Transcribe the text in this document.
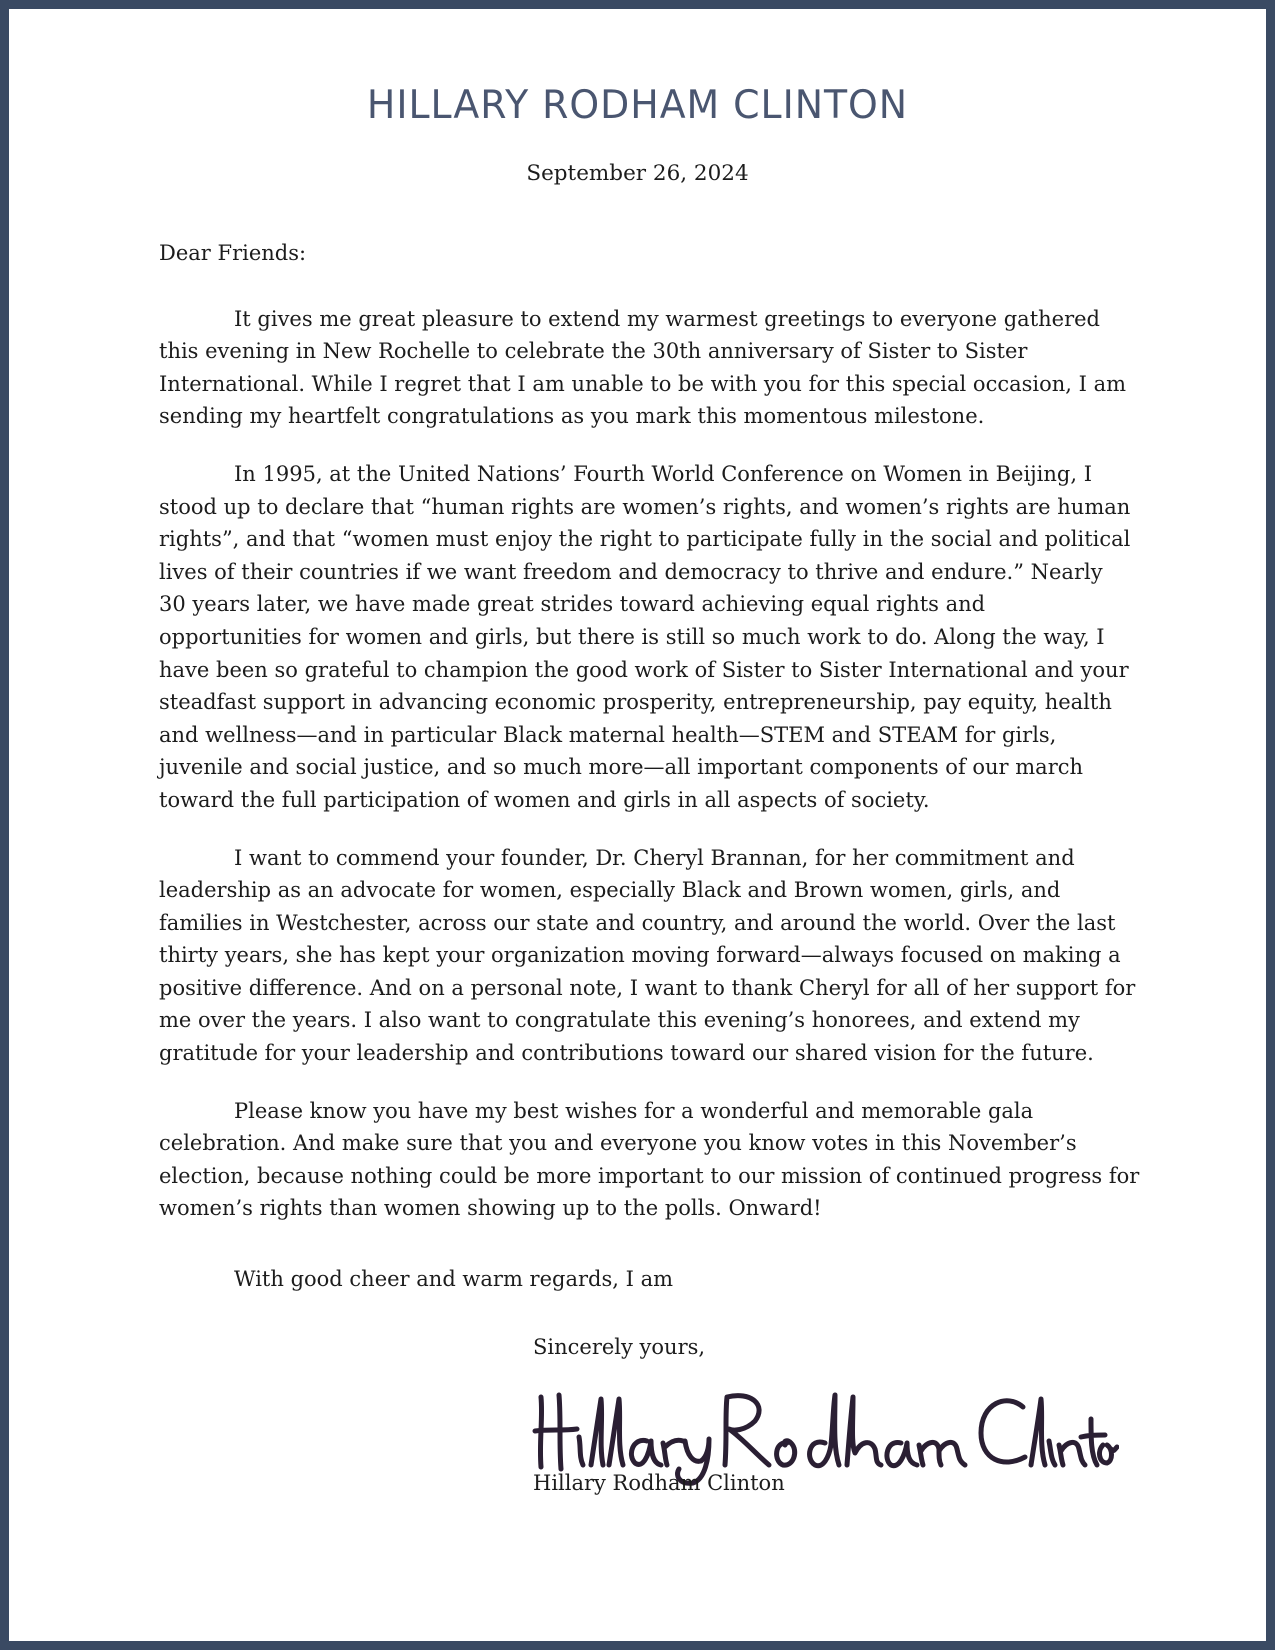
HILLARY RODHAM CLINTON
September 26, 2024
Dear Friends:
It gives me great pleasure to extend my warmest greetings to everyone gathered
this evening in New Rochelle to celebrate the 30th anniversary of Sister to Sister
International. While I regret that I am unable to be with you for this special occasion, I am
sending my heartfelt congratulations as you mark this momentous milestone.
In 1995, at the United Nations’ Fourth World Conference on Women in Beijing, I
stood up to declare that “human rights are women’s rights, and women’s rights are human
rights”, and that “women must enjoy the right to participate fully in the social and political
lives of their countries if we want freedom and democracy to thrive and endure.” Nearly
30 years later, we have made great strides toward achieving equal rights and
opportunities for women and girls, but there is still so much work to do. Along the way, I
have been so grateful to champion the good work of Sister to Sister International and your
steadfast support in advancing economic prosperity, entrepreneurship, pay equity, health
and wellness—and in particular Black maternal health—STEM and STEAM for girls,
juvenile and social justice, and so much more—all important components of our march
toward the full participation of women and girls in all aspects of society.
I want to commend your founder, Dr. Cheryl Brannan, for her commitment and
leadership as an advocate for women, especially Black and Brown women, girls, and
families in Westchester, across our state and country, and around the world. Over the last
thirty years, she has kept your organization moving forward—always focused on making a
positive difference. And on a personal note, I want to thank Cheryl for all of her support for
me over the years. I also want to congratulate this evening’s honorees, and extend my
gratitude for your leadership and contributions toward our shared vision for the future.
Please know you have my best wishes for a wonderful and memorable gala
celebration. And make sure that you and everyone you know votes in this November’s
election, because nothing could be more important to our mission of continued progress for
women’s rights than women showing up to the polls. Onward!
With good cheer and warm regards, I am
Sincerely yours,
Hillary Rodham Clinton
